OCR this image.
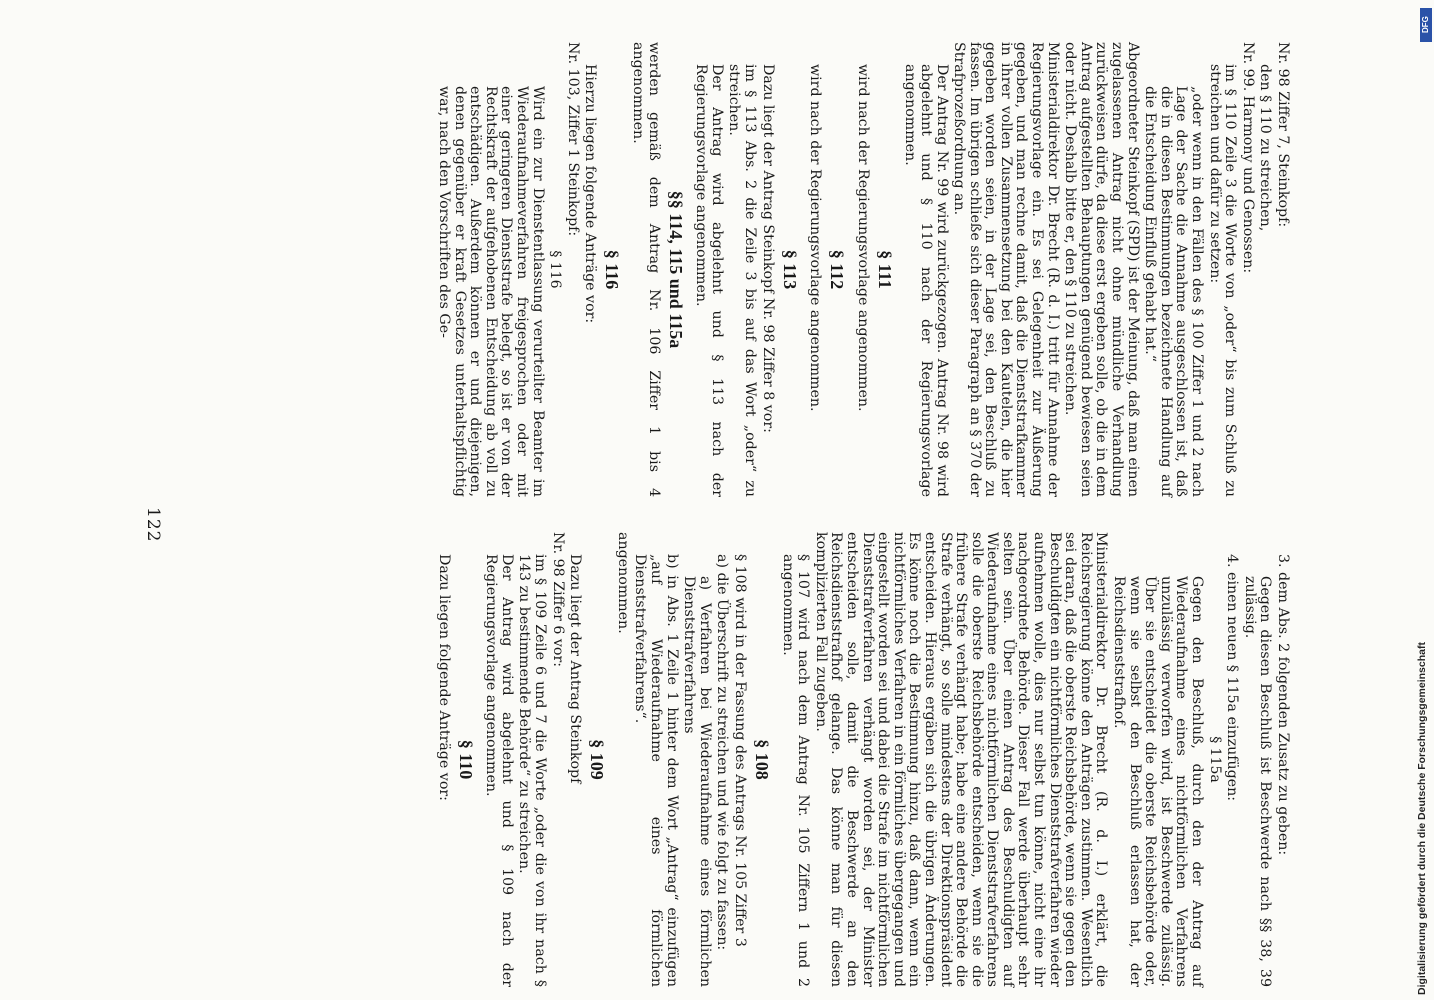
3. dem Abs. 2 folgenden Zusatz zu geben:
Gegen diesen Beschluß ist Beschwerde nach §§ 38, 39 zulässig.
4. einen neuen § 115a einzufügen:
§ 115a
Gegen den Beschluß, durch den der Antrag auf Wiederaufnahme eines nichtförmlichen Verfahrens unzulässig verworfen wird, ist Beschwerde zulässig. Über sie entscheidet die oberste Reichsbehörde oder, wenn sie selbst den Beschluß erlassen hat, der Reichsdienststrafhof.
Ministerialdirektor Dr. Brecht (R. d. I.) erklärt, die Reichsregierung könne den Anträgen zustimmen. Wesentlich sei daran, daß die oberste Reichsbehörde, wenn sie gegen den Beschuldigten ein nichtförmliches Dienststrafverfahren wieder aufnehmen wolle, dies nur selbst tun könne, nicht eine ihr nachgeordnete Behörde. Dieser Fall werde überhaupt sehr selten sein. Über einen Antrag des Beschuldigten auf Wiederaufnahme eines nichtförmlichen Dienststrafverfahrens solle die oberste Reichsbehörde entscheiden, wenn sie die frühere Strafe verhängt habe; habe eine andere Behörde die Strafe verhängt, so solle mindestens der Direktionspräsident entscheiden. Hieraus ergäben sich die übrigen Änderungen. Es könne noch die Bestimmung hinzu, daß dann, wenn ein nichtförmliches Verfahren in ein förmliches übergegangen und eingestellt worden sei und dabei die Strafe im nichtförmlichen Dienststrafverfahren verhängt worden sei, der Minister entscheiden solle, damit die Beschwerde an den Reichsdienststrafhof gelange. Das könne man für diesen komplizierten Fall zugeben.
§ 107 wird nach dem Antrag Nr. 105 Ziffern 1 und 2 angenommen.
§ 108
§ 108 wird in der Fassung des Antrags Nr. 105 Ziffer 3
a) die Überschrift zu streichen und wie folgt zu fassen:
a) Verfahren bei Wiederaufnahme eines förmlichen Dienststrafverfahrens
b) in Abs. 1 Zeile 1 hinter dem Wort „Antrag“ einzufügen „auf Wiederaufnahme eines förmlichen Dienststrafverfahrens“.
angenommen.
§ 109
Dazu liegt der Antrag Steinkopf
Nr. 98 Ziffer 6 vor:
im § 109 Zeile 6 und 7 die Worte „oder die von ihr nach § 143 zu bestimmende Behörde“ zu streichen.
Der Antrag wird abgelehnt und § 109 nach der Regierungsvorlage angenommen.
§ 110
Dazu liegen folgende Anträge vor:
Nr. 98 Ziffer 7, Steinkopf:
den § 110 zu streichen,
Nr. 99. Harmony und Genossen:
im § 110 Zeile 3 die Worte von „oder“ bis zum Schluß zu streichen und dafür zu setzen:
„oder wenn in den Fällen des § 100 Ziffer 1 und 2 nach Lage der Sache die Annahme ausgeschlossen ist, daß die in diesen Bestimmungen bezeichnete Handlung auf die Entscheidung Einfluß gehabt hat.“
Abgeordneter Steinkopf (SPD) ist der Meinung, daß man einen zugelassenen Antrag nicht ohne mündliche Verhandlung zurückweisen dürfe, da diese erst ergeben solle, ob die in dem Antrag aufgestellten Behauptungen genügend bewiesen seien oder nicht. Deshalb bitte er, den § 110 zu streichen.
Ministerialdirektor Dr. Brecht (R. d. I.) tritt für Annahme der Regierungsvorlage ein. Es sei Gelegenheit zur Äußerung gegeben, und man rechne damit, daß die Dienststrafkammer in ihrer vollen Zusammensetzung bei den Kautelen, die hier gegeben worden seien, in der Lage sei, den Beschluß zu fassen. Im übrigen schließe sich dieser Paragraph an § 370 der Strafprozeßordnung an.
Der Antrag Nr. 99 wird zurückgezogen. Antrag Nr. 98 wird abgelehnt und § 110 nach der Regierungsvorlage angenommen.
§ 111
wird nach der Regierungsvorlage angenommen.
§ 112
wird nach der Regierungsvorlage angenommen.
§ 113
Dazu liegt der Antrag Steinkopf Nr. 98 Ziffer 8 vor:
im § 113 Abs. 2 die Zeile 3 bis auf das Wort „oder“ zu streichen.
Der Antrag wird abgelehnt und § 113 nach der Regierungsvorlage angenommen.
§§ 114, 115 und 115a
werden gemäß dem Antrag Nr. 106 Ziffer 1 bis 4 angenommen.
§ 116
Hierzu liegen folgende Anträge vor:
Nr. 103, Ziffer 1 Steinkopf:
§ 116
Wird ein zur Dienstentlassung verurteilter Beamter im Wiederaufnahmeverfahren freigesprochen oder mit einer geringeren Dienststrafe belegt, so ist er von der Rechtskraft der aufgehobenen Entscheidung ab voll zu entschädigen. Außerdem können er und diejenigen, denen gegenüber er kraft Gesetzes unterhaltspflichtig war, nach den Vorschriften des Ge-
122
DFG
Digitalisierung gefördert durch die Deutsche Forschungsgemeinschaft
